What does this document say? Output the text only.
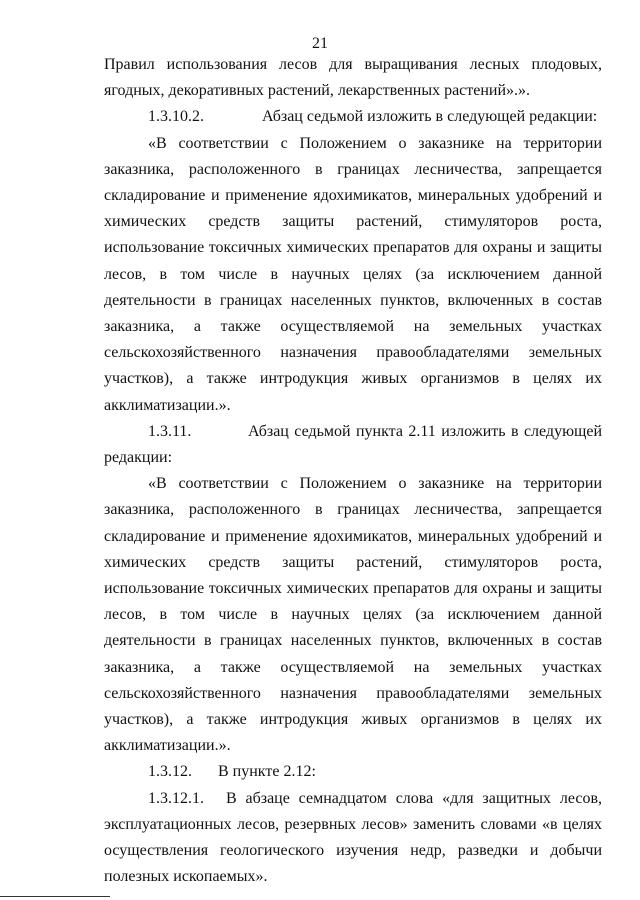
21

Правил использования лесов для выращивания лесных плодовых, ягодных, декоративных растений, лекарственных растений».».

1.3.10.2.	Абзац седьмой изложить в следующей редакции:

«В соответствии с Положением о заказнике на территории заказника, расположенного в границах лесничества, запрещается складирование и применение ядохимикатов, минеральных удобрений и химических средств защиты растений, стимуляторов роста, использование токсичных химических препаратов для охраны и защиты лесов, в том числе в научных целях (за исключением данной деятельности в границах населенных пунктов, включенных в состав заказника, а также осуществляемой на земельных участках сельскохозяйственного назначения правообладателями земельных участков), а также интродукция живых организмов в целях их акклиматизации.».

1.3.11.	Абзац седьмой пункта 2.11 изложить в следующей редакции:

«В соответствии с Положением о заказнике на территории заказника, расположенного в границах лесничества, запрещается складирование и применение ядохимикатов, минеральных удобрений и химических средств защиты растений, стимуляторов роста, использование токсичных химических препаратов для охраны и защиты лесов, в том числе в научных целях (за исключением данной деятельности в границах населенных пунктов, включенных в состав заказника, а также осуществляемой на земельных участках сельскохозяйственного назначения правообладателями земельных участков), а также интродукция живых организмов в целях их акклиматизации.».

1.3.12. В пункте 2.12:

1.3.12.1. В абзаце семнадцатом слова «для защитных лесов, эксплуатационных лесов, резервных лесов» заменить словами «в целях осуществления геологического изучения недр, разведки и добычи полезных ископаемых».
